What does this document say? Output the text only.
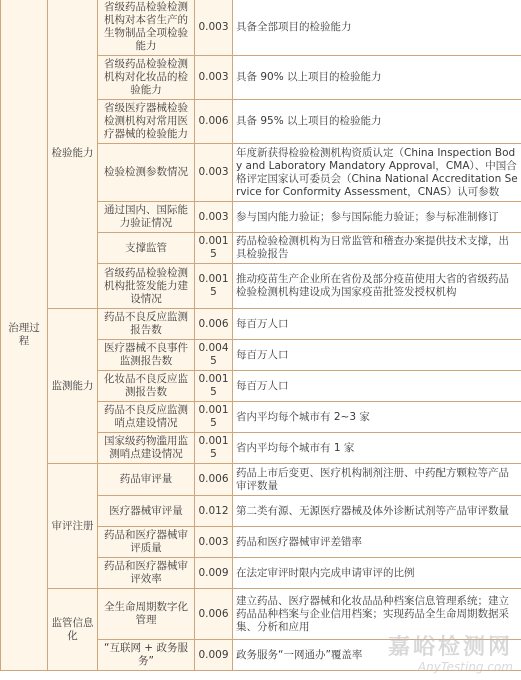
治理过程	检验能力	省级药品检验检测机构对本省生产的生物制品全项检验能力	0.003	具备全部项目的检验能力
		省级药品检验检测机构对化妆品的检验能力	0.003	具备 90% 以上项目的检验能力
		省级医疗器械检验检测机构对常用医疗器械的检验能力	0.006	具备 95% 以上项目的检验能力
		检验检测参数情况	0.003	年度新获得检验检测机构资质认定（China Inspection Body and Laboratory Mandatory Approval，CMA）、中国合格评定国家认可委员会（China National Accreditation Service for Conformity Assessment，CNAS）认可参数
		通过国内、国际能力验证情况	0.003	参与国内能力验证；参与国际能力验证；参与标准制修订
		支撑监管	0.0015	药品检验检测机构为日常监管和稽查办案提供技术支撑，出具检验报告
		省级药品检验检测机构批签发能力建设情况	0.0015	推动疫苗生产企业所在省份及部分疫苗使用大省的省级药品检验检测机构建设成为国家疫苗批签发授权机构
	监测能力	药品不良反应监测报告数	0.006	每百万人口
		医疗器械不良事件监测报告数	0.0045	每百万人口
		化妆品不良反应监测报告数	0.0015	每百万人口
		药品不良反应监测哨点建设情况	0.0015	省内平均每个城市有 2~3 家
		国家级药物滥用监测哨点建设情况	0.0015	省内平均每个城市有 1 家
	审评注册	药品审评量	0.006	药品上市后变更、医疗机构制剂注册、中药配方颗粒等产品审评数量
		医疗器械审评量	0.012	第二类有源、无源医疗器械及体外诊断试剂等产品审评数量
		药品和医疗器械审评质量	0.003	药品和医疗器械审评差错率
		药品和医疗器械审评效率	0.009	在法定审评时限内完成申请审评的比例
	监管信息化	全生命周期数字化管理	0.006	建立药品、医疗器械和化妆品品种档案信息管理系统；建立药品品种档案与企业信用档案；实现药品全生命周期数据采集、分析和应用
		“互联网 + 政务服务”	0.009	政务服务“一网通办”覆盖率 嘉峪检测网
AnyTesting.com
